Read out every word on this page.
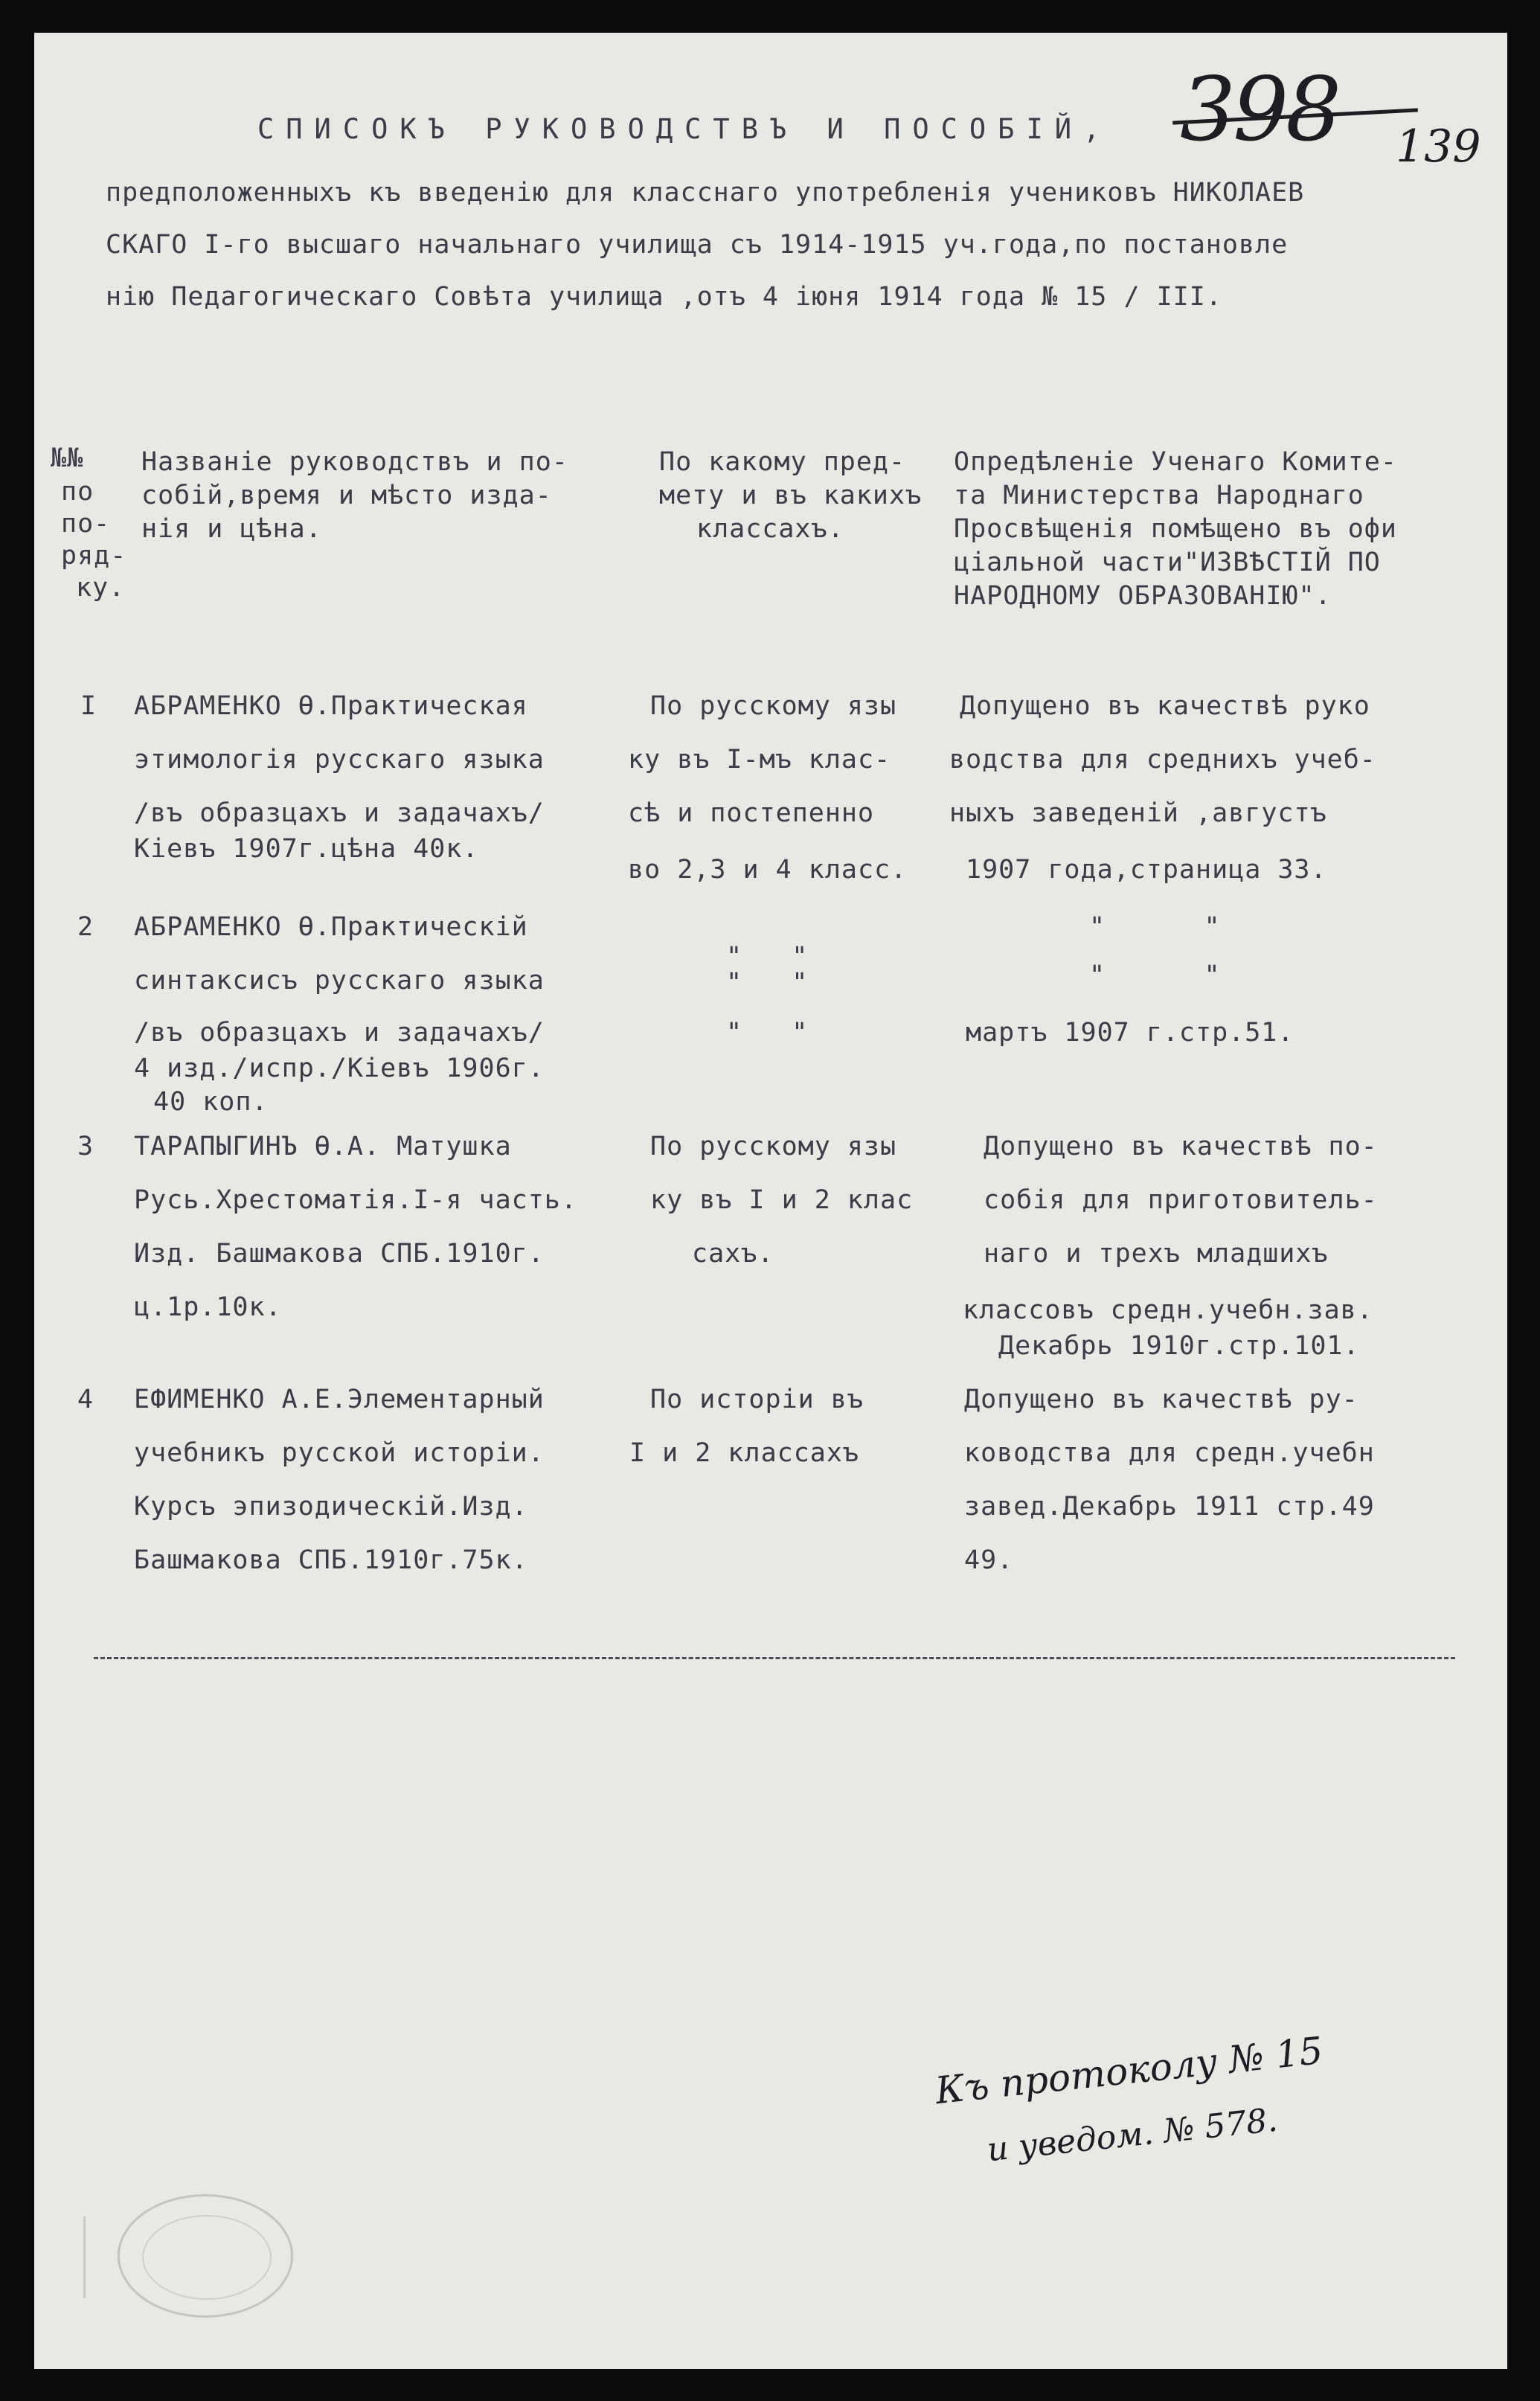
398 139
СПИСОКЪ РУКОВОДСТВЪ И ПОСОБІЙ,
предположенныхъ къ введенію для класснаго употребленія учениковъ НИКОЛАЕВ
СКАГО І-го высшаго начальнаго училища съ 1914-1915 уч.года,по постановле
нію Педагогическаго Совѣта училища ,отъ 4 іюня 1914 года № 15 / III.
№№
по
по-
ряд-
ку.
Названіе руководствъ и по-
собій,время и мѣсто изда-
нія и цѣна.
По какому пред-
мету и въ какихъ
классахъ.
Опредѣленіе Ученаго Комите-
та Министерства Народнаго
Просвѣщенія помѣщено въ офи
ціальной части"ИЗВѢСТІЙ ПО
НАРОДНОМУ ОБРАЗОВАНІЮ".
I АБРАМЕНКО Ѳ.Практическая
этимологія русскаго языка
/въ образцахъ и задачахъ/
Кіевъ 1907г.цѣна 40к.
По русскому язы
ку въ I-мъ клас-
сѣ и постепенно
во 2,3 и 4 класс.
Допущено въ качествѣ руко
водства для среднихъ учеб-
ныхъ заведеній ,августъ
1907 года,страница 33.
2 АБРАМЕНКО Ѳ.Практическій
синтаксисъ русскаго языка
/въ образцахъ и задачахъ/
4 изд./испр./Кіевъ 1906г.
40 коп.
"   "
"   "
"   "
"      "
"      "
мартъ 1907 г.стр.51.
3 ТАРАПЫГИНЪ Ѳ.А. Матушка
Русь.Хрестоматія.І-я часть.
Изд. Башмакова СПБ.1910г.
ц.1р.10к.
По русскому язы
ку въ I и 2 клас
сахъ.
Допущено въ качествѣ по-
собія для приготовитель-
наго и трехъ младшихъ
классовъ средн.учебн.зав.
Декабрь 1910г.стр.101.
4 ЕФИМЕНКО А.Е.Элементарный
учебникъ русской исторіи.
Курсъ эпизодическій.Изд.
Башмакова СПБ.1910г.75к.
По исторіи въ
I и 2 классахъ
Допущено въ качествѣ ру-
ководства для средн.учебн
завед.Декабрь 1911 стр.49
49.
Къ протоколу № 15
и уведом. № 578.
